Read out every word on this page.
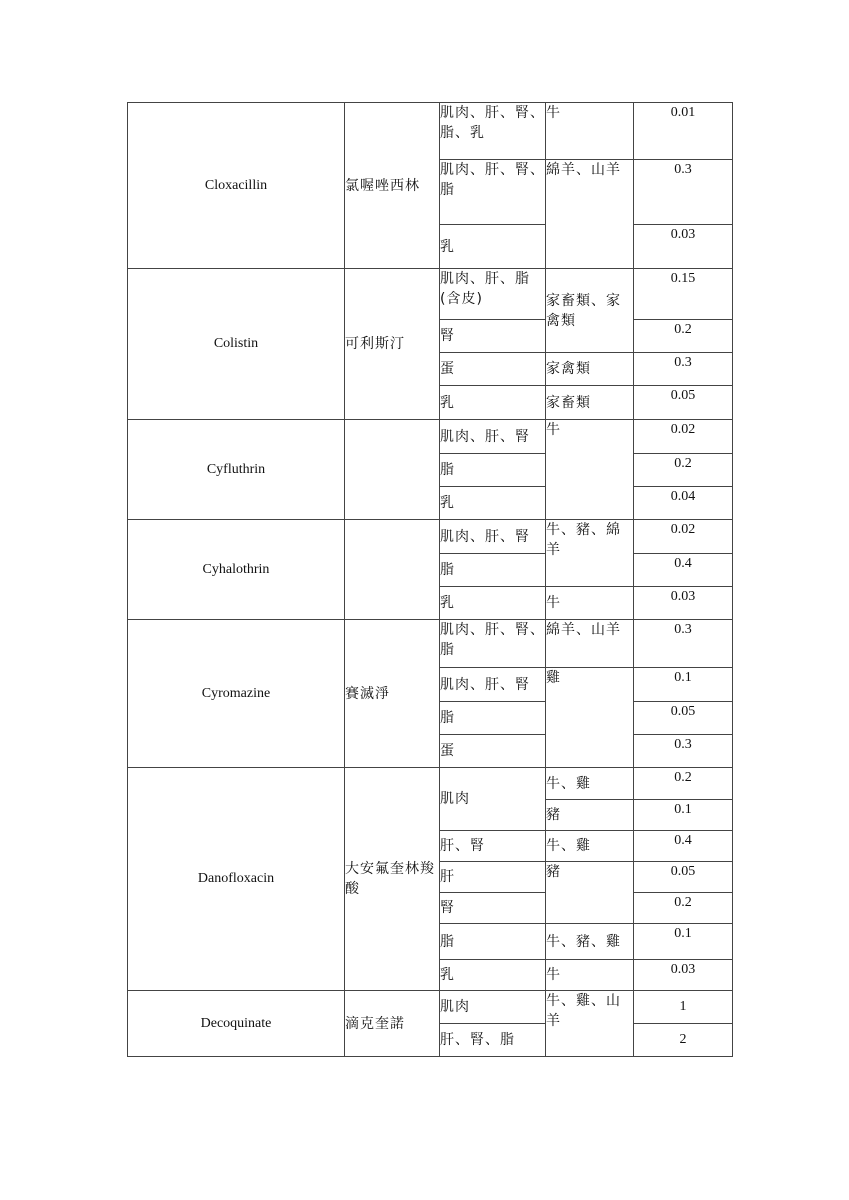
Cloxacillin	氯喔唑西林	肌肉、肝、腎、脂、乳	牛	0.01
		肌肉、肝、腎、脂	綿羊、山羊	0.3
		乳		0.03
Colistin	可利斯汀	肌肉、肝、脂(含皮)	家畜類、家禽類	0.15
		腎		0.2
		蛋	家禽類	0.3
		乳	家畜類	0.05
Cyfluthrin		肌肉、肝、腎	牛	0.02
		脂		0.2
		乳		0.04
Cyhalothrin		肌肉、肝、腎	牛、豬、綿羊	0.02
		脂		0.4
		乳	牛	0.03
Cyromazine	賽滅淨	肌肉、肝、腎、脂	綿羊、山羊	0.3
		肌肉、肝、腎	雞	0.1
		脂		0.05
		蛋		0.3
Danofloxacin	大安氟奎林羧酸	肌肉	牛、雞	0.2
			豬	0.1
		肝、腎	牛、雞	0.4
		肝	豬	0.05
		腎		0.2
		脂	牛、豬、雞	0.1
		乳	牛	0.03
Decoquinate	滴克奎諾	肌肉	牛、雞、山羊	1
		肝、腎、脂		2
